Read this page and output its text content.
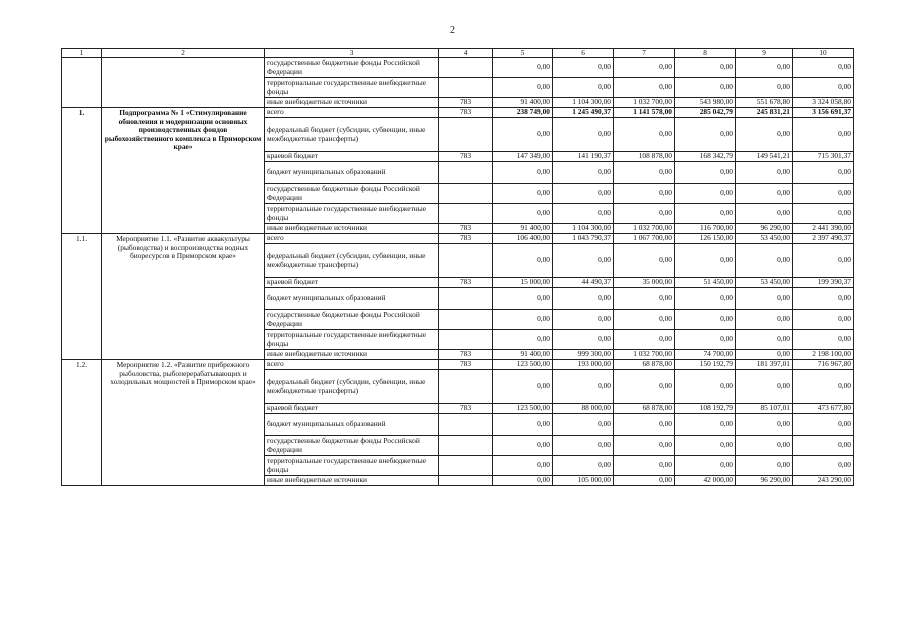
2
1	2	3	4	5	6	7	8	9	10
		государственные бюджетные фонды Российской Федерации		0,00	0,00	0,00	0,00	0,00	0,00
		территориальные государственные внебюджетные фонды		0,00	0,00	0,00	0,00	0,00	0,00
		иные внебюджетные источники	783	91 400,00	1 104 300,00	1 032 700,00	543 980,00	551 678,80	3 324 058,80
1.	Подпрограмма № 1 «Стимулирование обновления и модернизации основных производственных фондов рыбохозяйственного комплекса в Приморском крае»	всего	783	238 749,00	1 245 490,37	1 141 578,00	285 042,79	245 831,21	3 156 691,37
		федеральный бюджет (субсидии, субвенции, иные межбюджетные трансферты)		0,00	0,00	0,00	0,00	0,00	0,00
		краевой бюджет	783	147 349,00	141 190,37	108 878,00	168 342,79	149 541,21	715 301,37
		бюджет муниципальных образований		0,00	0,00	0,00	0,00	0,00	0,00
		государственные бюджетные фонды Российской Федерации		0,00	0,00	0,00	0,00	0,00	0,00
		территориальные государственные внебюджетные фонды		0,00	0,00	0,00	0,00	0,00	0,00
		иные внебюджетные источники	783	91 400,00	1 104 300,00	1 032 700,00	116 700,00	96 290,00	2 441 390,00
1.1.	Мероприятие 1.1. «Развитие аквакультуры (рыбоводства) и воспроизводства водных биоресурсов в Приморском крае»	всего	783	106 400,00	1 043 790,37	1 067 700,00	126 150,00	53 450,00	2 397 490,37
		федеральный бюджет (субсидии, субвенции, иные межбюджетные трансферты)		0,00	0,00	0,00	0,00	0,00	0,00
		краевой бюджет	783	15 000,00	44 490,37	35 000,00	51 450,00	53 450,00	199 390,37
		бюджет муниципальных образований		0,00	0,00	0,00	0,00	0,00	0,00
		государственные бюджетные фонды Российской Федерации		0,00	0,00	0,00	0,00	0,00	0,00
		территориальные государственные внебюджетные фонды		0,00	0,00	0,00	0,00	0,00	0,00
		иные внебюджетные источники	783	91 400,00	999 300,00	1 032 700,00	74 700,00	0,00	2 198 100,00
1.2.	Мероприятие 1.2. «Развитие прибрежного рыболовства, рыбоперерабатывающих и холодильных мощностей в Приморском крае»	всего	783	123 500,00	193 000,00	68 878,00	150 192,79	181 397,01	716 967,80
		федеральный бюджет (субсидии, субвенции, иные межбюджетные трансферты)		0,00	0,00	0,00	0,00	0,00	0,00
		краевой бюджет	783	123 500,00	88 000,00	68 878,00	108 192,79	85 107,01	473 677,80
		бюджет муниципальных образований		0,00	0,00	0,00	0,00	0,00	0,00
		государственные бюджетные фонды Российской Федерации		0,00	0,00	0,00	0,00	0,00	0,00
		территориальные государственные внебюджетные фонды		0,00	0,00	0,00	0,00	0,00	0,00
		иные внебюджетные источники		0,00	105 000,00	0,00	42 000,00	96 290,00	243 290,00
